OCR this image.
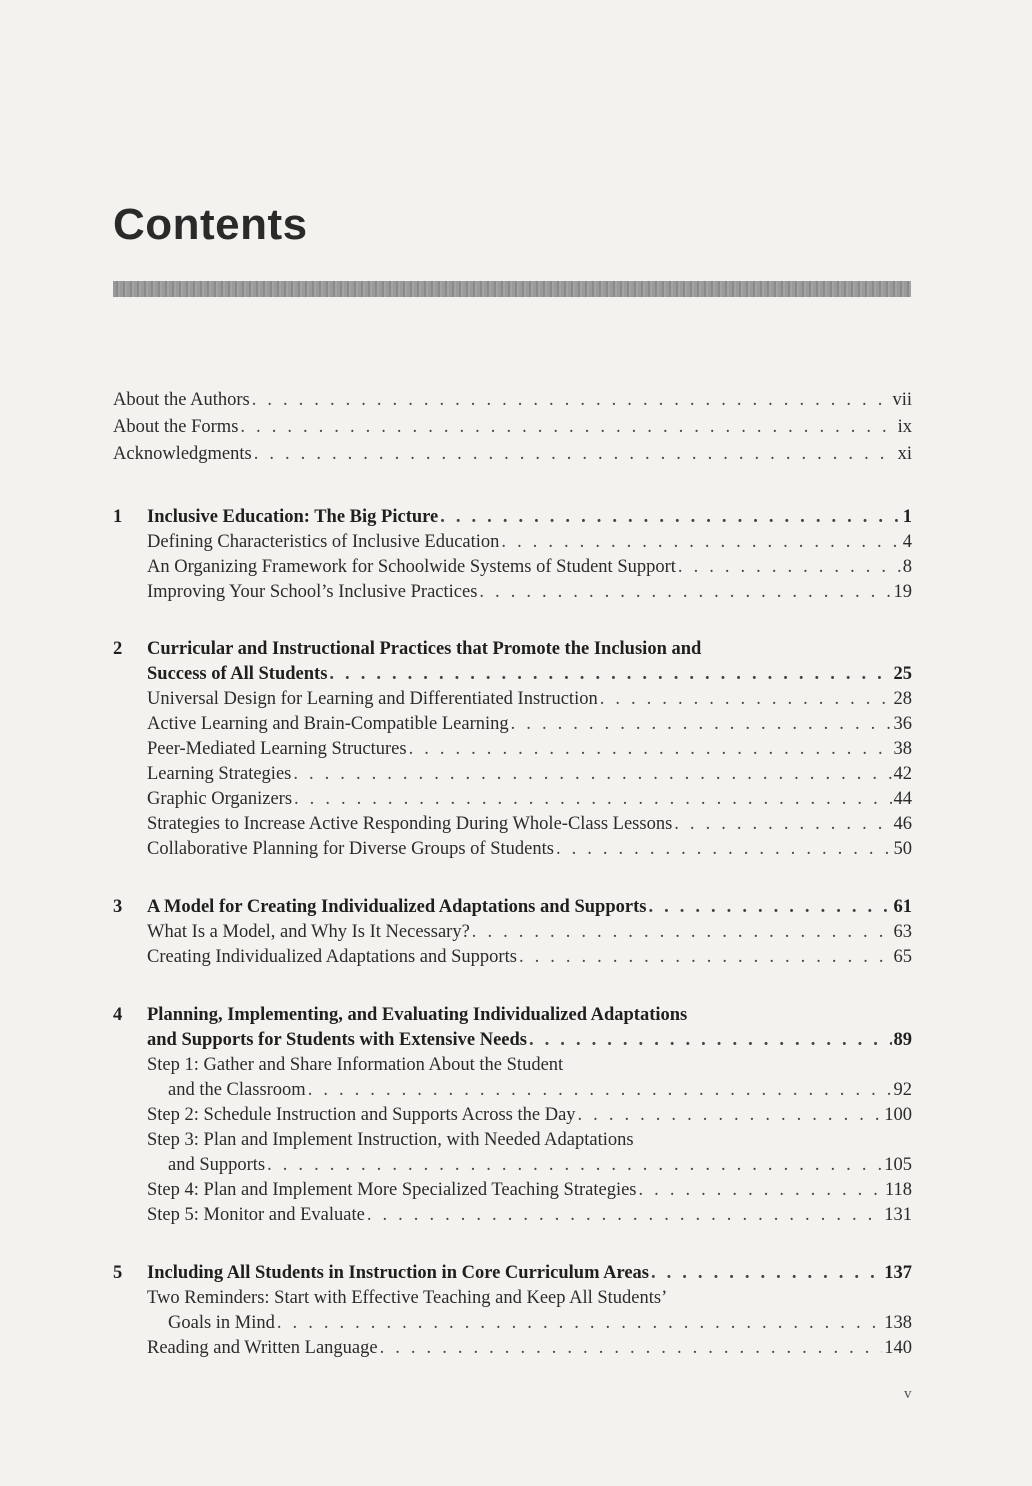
Contents
About the Authors . . .	vii
About the Forms . . .	ix
Acknowledgments . . .	xi
1 Inclusive Education: The Big Picture . . .	1
Defining Characteristics of Inclusive Education . . .	4
An Organizing Framework for Schoolwide Systems of Student Support . . .	8
Improving Your School’s Inclusive Practices . . .	19
2 Curricular and Instructional Practices that Promote the Inclusion and
Success of All Students . . .	25
Universal Design for Learning and Differentiated Instruction . . .	28
Active Learning and Brain-Compatible Learning . . .	36
Peer-Mediated Learning Structures . . .	38
Learning Strategies . . .	42
Graphic Organizers . . .	44
Strategies to Increase Active Responding During Whole-Class Lessons . . .	46
Collaborative Planning for Diverse Groups of Students . . .	50
3 A Model for Creating Individualized Adaptations and Supports . . .	61
What Is a Model, and Why Is It Necessary? . . .	63
Creating Individualized Adaptations and Supports . . .	65
4 Planning, Implementing, and Evaluating Individualized Adaptations
and Supports for Students with Extensive Needs . . .	89
Step 1: Gather and Share Information About the Student
and the Classroom . . .	92
Step 2: Schedule Instruction and Supports Across the Day . . .	100
Step 3: Plan and Implement Instruction, with Needed Adaptations
and Supports . . .	105
Step 4: Plan and Implement More Specialized Teaching Strategies . . .	118
Step 5: Monitor and Evaluate . . .	131
5 Including All Students in Instruction in Core Curriculum Areas . . .	137
Two Reminders: Start with Effective Teaching and Keep All Students’
Goals in Mind . . .	138
Reading and Written Language . . .	140
v
